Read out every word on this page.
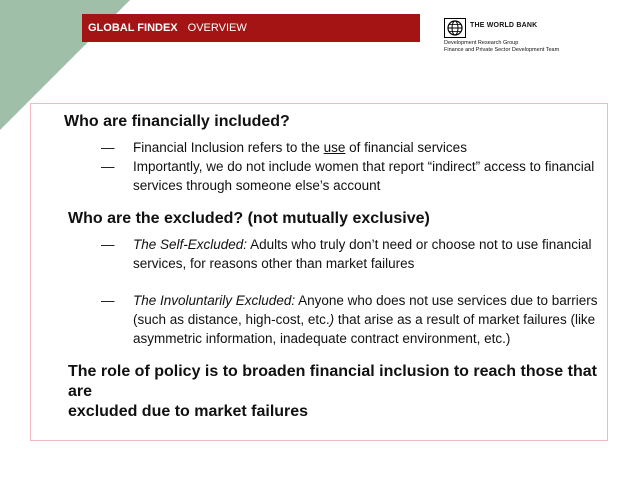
GLOBAL FINDEX OVERVIEW	THE WORLD BANK
Development Research Group
Finance and Private Sector Development Team
Who are financially included?
— Financial Inclusion refers to the use of financial services
— Importantly, we do not include women that report “indirect” access to financial
services through someone else’s account
Who are the excluded? (not mutually exclusive)
— The Self-Excluded: Adults who truly don’t need or choose not to use financial
services, for reasons other than market failures
— The Involuntarily Excluded: Anyone who does not use services due to barriers
(such as distance, high-cost, etc.) that arise as a result of market failures (like
asymmetric information, inadequate contract environment, etc.)
The role of policy is to broaden financial inclusion to reach those that are
excluded due to market failures
